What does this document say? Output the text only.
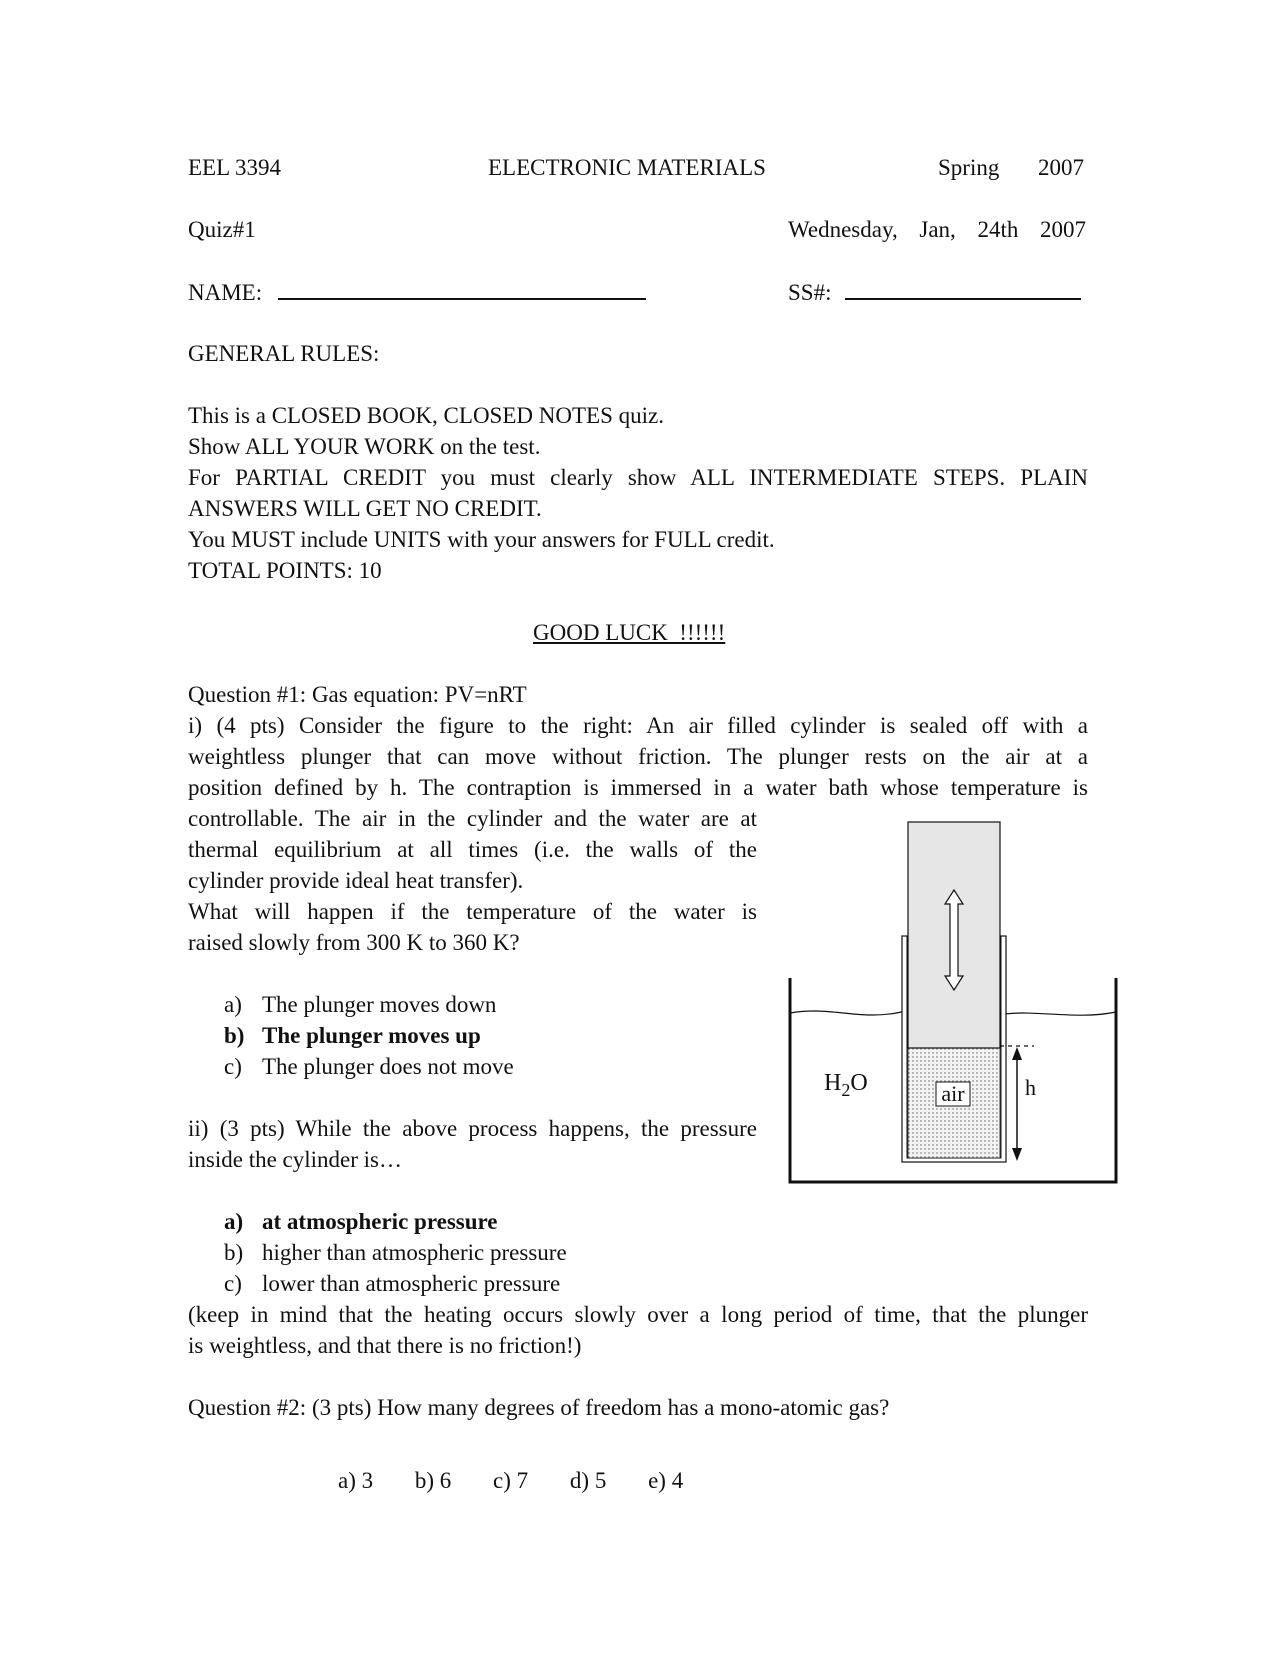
EEL 3394	ELECTRONIC MATERIALS	Spring 2007
Quiz#1	Wednesday, Jan, 24th 2007
NAME:	SS#:
GENERAL RULES:
This is a CLOSED BOOK, CLOSED NOTES quiz.
Show ALL YOUR WORK on the test.
For PARTIAL CREDIT you must clearly show ALL INTERMEDIATE STEPS. PLAIN
ANSWERS WILL GET NO CREDIT.
You MUST include UNITS with your answers for FULL credit.
TOTAL POINTS: 10
GOOD LUCK  !!!!!!
Question #1: Gas equation: PV=nRT
i) (4 pts) Consider the figure to the right: An air filled cylinder is sealed off with a
weightless plunger that can move without friction. The plunger rests on the air at a
position defined by h. The contraption is immersed in a water bath whose temperature is
controllable. The air in the cylinder and the water are at
thermal equilibrium at all times (i.e. the walls of the
cylinder provide ideal heat transfer).
What will happen if the temperature of the water is
raised slowly from 300 K to 360 K?
a) The plunger moves down
b) The plunger moves up
c) The plunger does not move
ii) (3 pts) While the above process happens, the pressure
inside the cylinder is…
a) at atmospheric pressure
b) higher than atmospheric pressure
c) lower than atmospheric pressure
(keep in mind that the heating occurs slowly over a long period of time, that the plunger
is weightless, and that there is no friction!)
air
$H_2O$	h
Question #2: (3 pts) How many degrees of freedom has a mono-atomic gas?
a) 3 b) 6 c) 7 d) 5 e) 4
